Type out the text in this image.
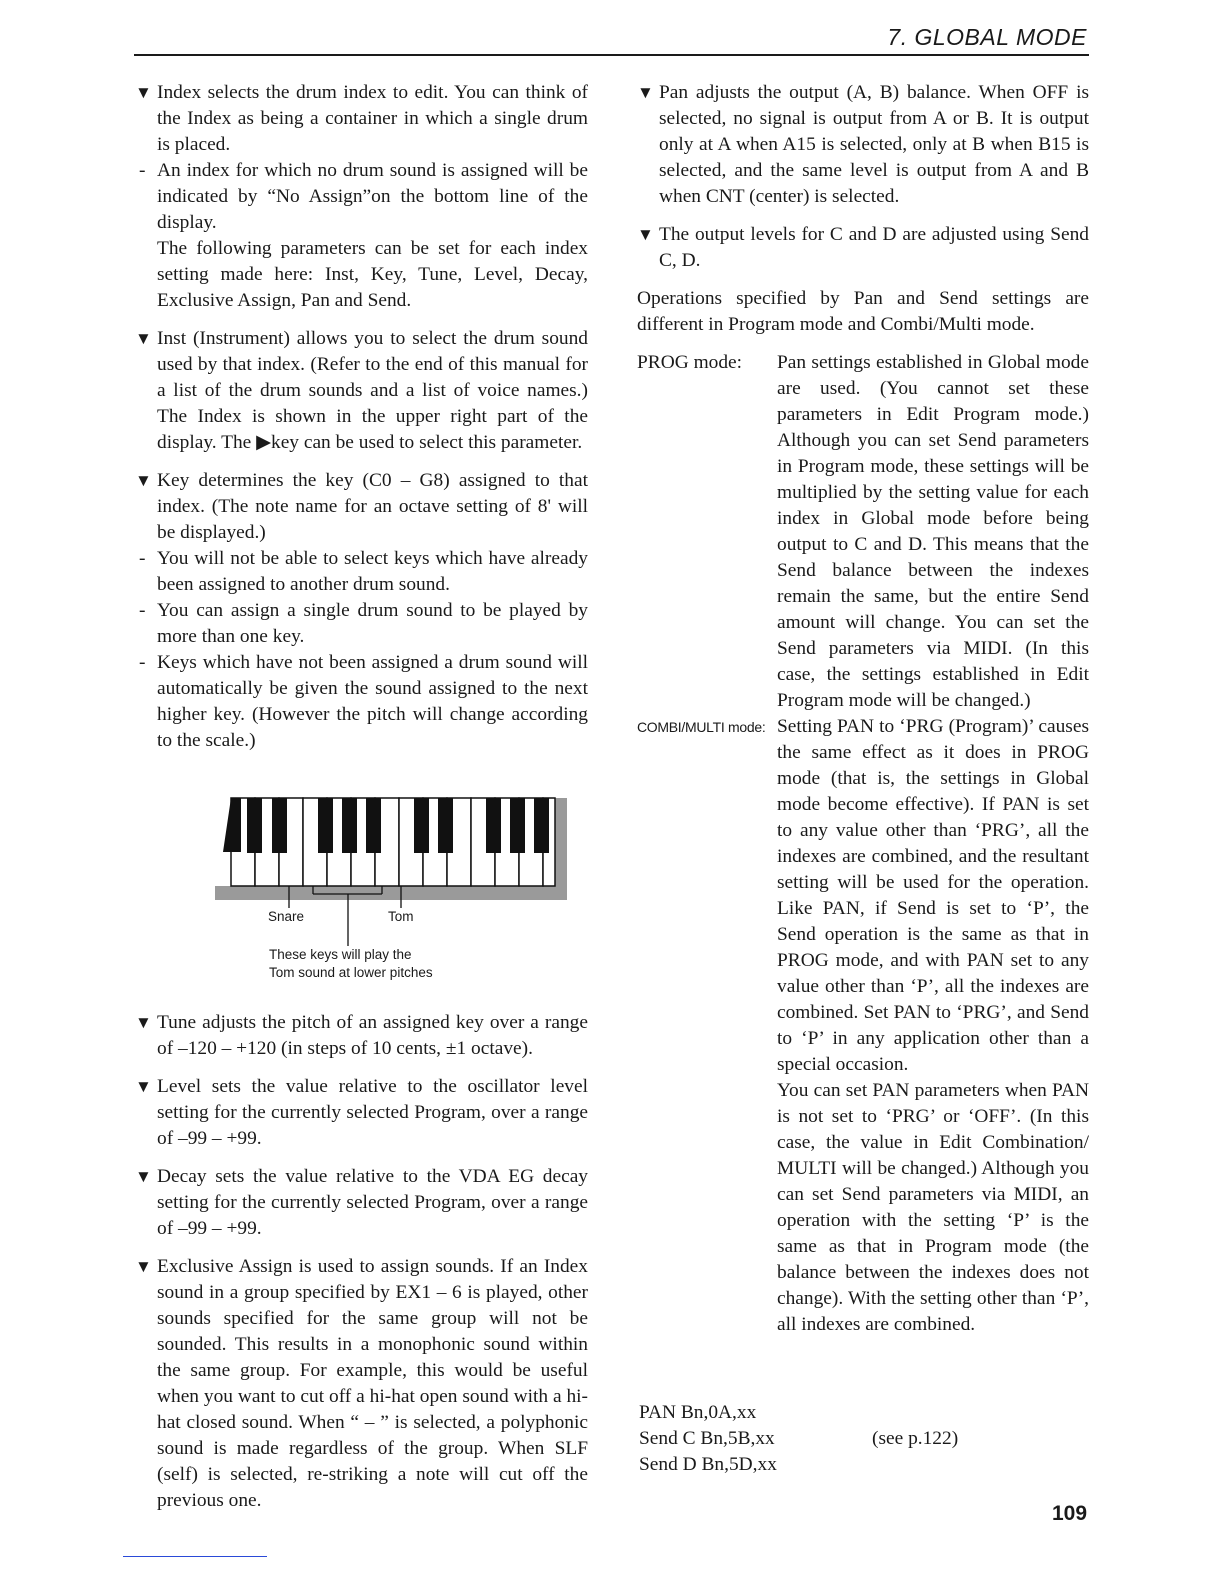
7. GLOBAL MODE
▼ Index selects the drum index to edit. You can think of the Index as being a container in which a single drum is placed.

- An index for which no drum sound is assigned will be indicated by “No Assign”on the bottom line of the display.
The following parameters can be set for each index setting made here: Inst, Key, Tune, Level, Decay, Exclusive Assign, Pan and Send.
▼ Inst (Instrument) allows you to select the drum sound used by that index. (Refer to the end of this manual for a list of the drum sounds and a list of voice names.) The Index is shown in the upper right part of the display. The ▶key can be used to select this parameter.

▼ Key determines the key (C0 – G8) assigned to that index. (The note name for an octave setting of 8' will be displayed.)

- You will not be able to select keys which have already been assigned to another drum sound.
- You can assign a single drum sound to be played by more than one key.
- Keys which have not been assigned a drum sound will automatically be given the sound assigned to the next higher key. (However the pitch will change according to the scale.)
Snare	Tom
These keys will play the
Tom sound at lower pitches
▼ Tune adjusts the pitch of an assigned key over a range of –120 – +120 (in steps of 10 cents, ±1 octave).

▼ Level sets the value relative to the oscillator level setting for the currently selected Program, over a range of –99 – +99.

▼ Decay sets the value relative to the VDA EG decay setting for the currently selected Program, over a range of –99 – +99.

▼ Exclusive Assign is used to assign sounds. If an Index sound in a group specified by EX1 – 6 is played, other sounds specified for the same group will not be sounded. This results in a monophonic sound within the same group. For example, this would be useful when you want to cut off a hi-hat open sound with a hi-hat closed sound. When “ – ” is selected, a polyphonic sound is made regardless of the group. When SLF (self) is selected, re-striking a note will cut off the previous one.

▼ Pan adjusts the output (A, B) balance. When OFF is selected, no signal is output from A or B. It is output only at A when A15 is selected, only at B when B15 is selected, and the same level is output from A and B when CNT (center) is selected.

▼ The output levels for C and D are adjusted using Send C, D.

Operations specified by Pan and Send settings are different in Program mode and Combi/Multi mode.

PROG mode: Pan settings established in Global mode are used. (You cannot set these parameters in Edit Program mode.) Although you can set Send parameters in Program mode, these settings will be multiplied by the setting value for each index in Global mode before being output to C and D. This means that the Send balance between the indexes remain the same, but the entire Send amount will change. You can set the Send parameters via MIDI. (In this case, the settings established in Edit Program mode will be changed.)

COMBI/MULTI mode: Setting PAN to ‘PRG (Program)’ causes the same effect as it does in PROG mode (that is, the settings in Global mode become effective). If PAN is set to any value other than ‘PRG’, all the indexes are combined, and the resultant setting will be used for the operation. Like PAN, if Send is set to ‘P’, the Send operation is the same as that in PROG mode, and with PAN set to any value other than ‘P’, all the indexes are combined. Set PAN to ‘PRG’, and Send to ‘P’ in any application other than a special occasion.

You can set PAN parameters when PAN is not set to ‘PRG’ or ‘OFF’. (In this case, the value in Edit Combination/ MULTI will be changed.) Although you can set Send parameters via MIDI, an operation with the setting ‘P’ is the same as that in Program mode (the balance between the indexes does not change). With the setting other than ‘P’, all indexes are combined.

PAN Bn,0A,xx
Send C Bn,5B,xx
Send D Bn,5D,xx
(see p.122)
109
